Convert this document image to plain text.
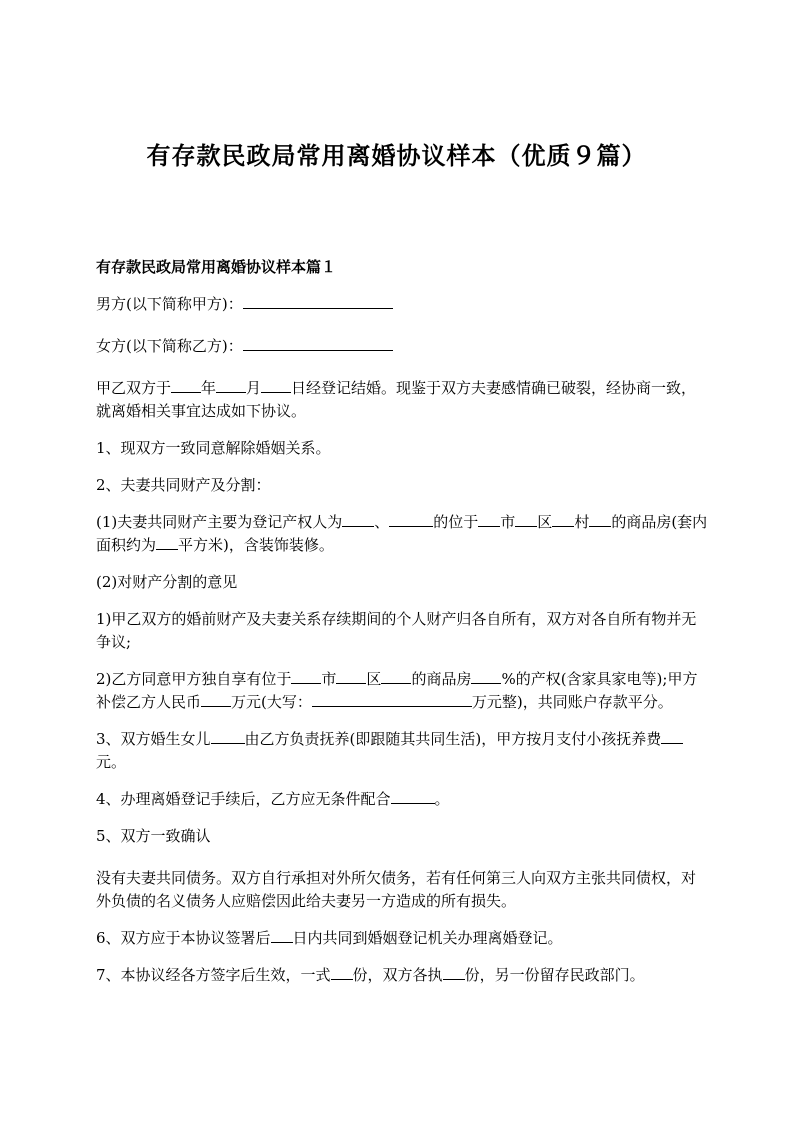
有存款民政局常用离婚协议样本（优质９篇）
有存款民政局常用离婚协议样本篇１
男方(以下简称甲方)：
女方(以下简称乙方)：
甲乙双方于 年 月 日经登记结婚。现鉴于双方夫妻感情确已破裂，经协商一致，就离婚相关事宜达成如下协议。
1、现双方一致同意解除婚姻关系。
2、夫妻共同财产及分割：
(1)夫妻共同财产主要为登记产权人为 、	的位于 市 区 村 的商品房(套内面积约为 平方米)，含装饰装修。
(2)对财产分割的意见
1)甲乙双方的婚前财产及夫妻关系存续期间的个人财产归各自所有，双方对各自所有物并无争议;
2)乙方同意甲方独自享有位于 市 区 的商品房 %的产权(含家具家电等);甲方补偿乙方人民币 万元(大写：	万元整)，共同账户存款平分。
3、双方婚生女儿 由乙方负责抚养(即跟随其共同生活)，甲方按月支付小孩抚养费元。
4、办理离婚登记手续后，乙方应无条件配合	。
5、双方一致确认
没有夫妻共同债务。双方自行承担对外所欠债务，若有任何第三人向双方主张共同债权，对外负债的名义债务人应赔偿因此给夫妻另一方造成的所有损失。
6、双方应于本协议签署后 日内共同到婚姻登记机关办理离婚登记。
7、本协议经各方签字后生效，一式 份，双方各执 份，另一份留存民政部门。
